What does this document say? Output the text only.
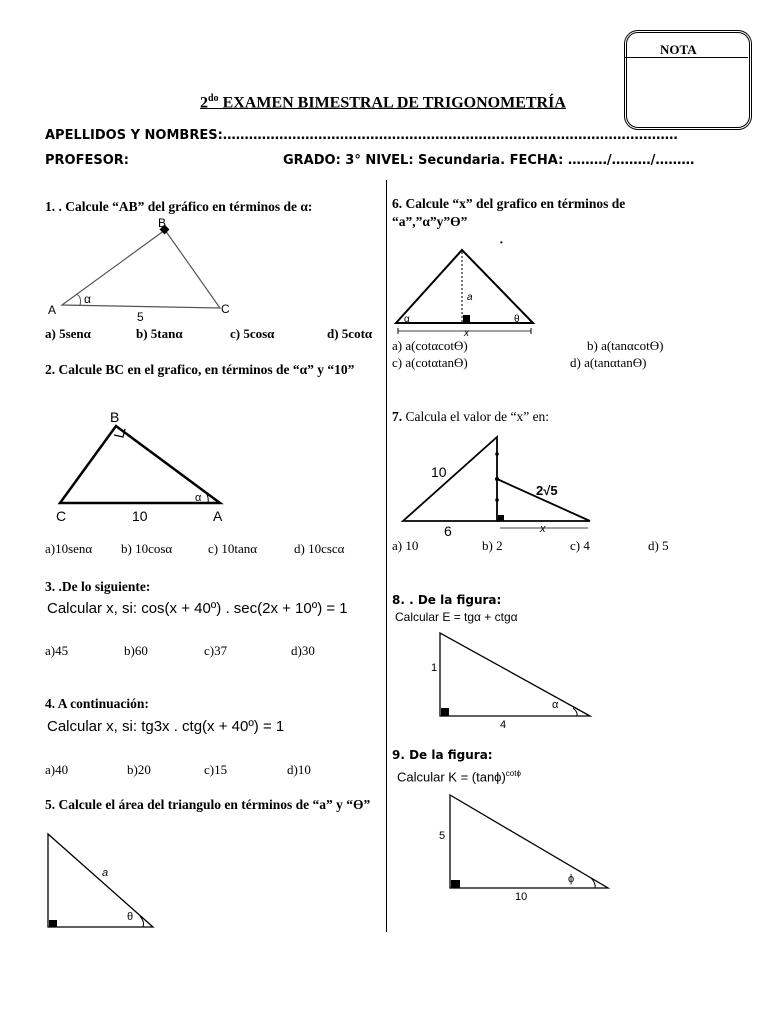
NOTA
$2^{do}$ EXAMEN BIMESTRAL DE TRIGONOMETRÍA
APELLIDOS Y NOMBRES:……………………………………………………………………………………………
PROFESOR:	GRADO: 3° NIVEL: Secundaria. FECHA: ………/………/………
1. . Calcule “AB” del gráfico en términos de α:
B
A	C
α
5
a) 5senα	b) 5tanα	c) 5cosα	d) 5cotα
2. Calcule BC en el grafico, en términos de “α” y “10”
B
C	A
α
10
a)10senα b) 10cosα	c) 10tanα	d) 10cscα
3. .De lo siguiente:
Calcular x, si: cos(x + 40º) . sec(2x + 10º) = 1
a)45	b)60	c)37	d)30
4. A continuación:
Calcular x, si: tg3x . ctg(x + 40º) = 1
a)40	b)20	c)15	d)10
5. Calcule el área del triangulo en términos de “a” y “Ө”
a
θ
6. Calcule “x” del grafico en términos de “a”,”α”y”Ө”
•
a
α	θ
x
a) a(cotαcotӨ)	b) a(tanαcotӨ)
c) a(cotαtanӨ)	d) a(tanαtanӨ)
7. Calcula el valor de “x” en:
10
2√5
6	x
a) 10	b) 2	c) 4	d) 5
8. . De la figura:
Calcular E = tgα + ctgα
1
4
α
9. De la figura:
Calcular $K = (\tan\phi)^{cot\phi}$
5
10
ϕ
